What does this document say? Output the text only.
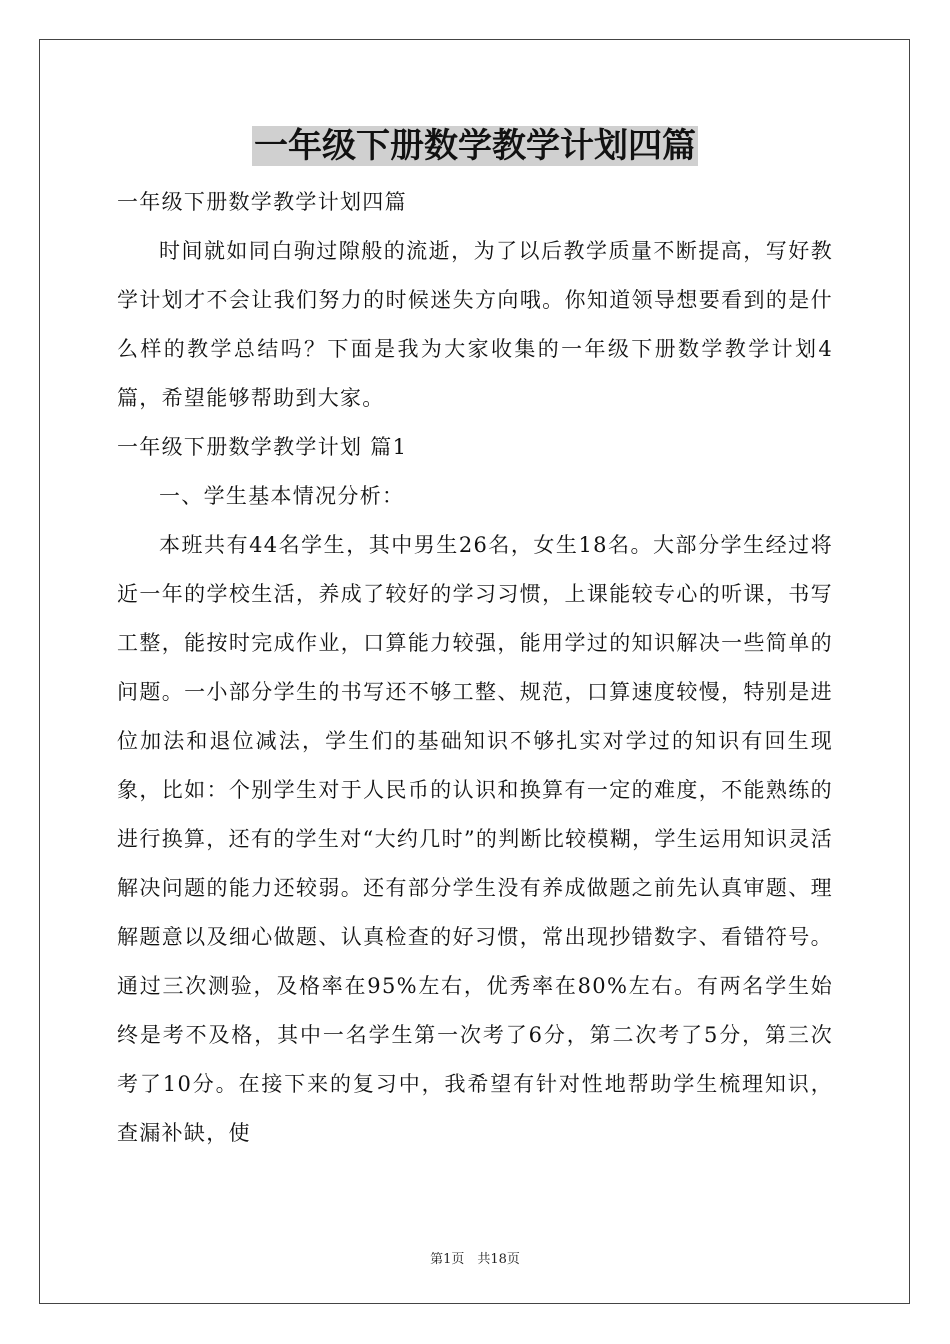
一年级下册数学教学计划四篇

一年级下册数学教学计划四篇

时间就如同白驹过隙般的流逝，为了以后教学质量不断提高，写好教学计划才不会让我们努力的时候迷失方向哦。你知道领导想要看到的是什么样的教学总结吗？下面是我为大家收集的一年级下册数学教学计划4篇，希望能够帮助到大家。

一年级下册数学教学计划 篇1

一、学生基本情况分析：

本班共有44名学生，其中男生26名，女生18名。大部分学生经过将近一年的学校生活，养成了较好的学习习惯，上课能较专心的听课，书写工整，能按时完成作业，口算能力较强，能用学过的知识解决一些简单的问题。一小部分学生的书写还不够工整、规范，口算速度较慢，特别是进位加法和退位减法，学生们的基础知识不够扎实对学过的知识有回生现象，比如：个别学生对于人民币的认识和换算有一定的难度，不能熟练的进行换算，还有的学生对“大约几时”的判断比较模糊，学生运用知识灵活解决问题的能力还较弱。还有部分学生没有养成做题之前先认真审题、理解题意以及细心做题、认真检查的好习惯，常出现抄错数字、看错符号。通过三次测验，及格率在95%左右，优秀率在80%左右。有两名学生始终是考不及格，其中一名学生第一次考了6分，第二次考了5分，第三次考了10分。在接下来的复习中，我希望有针对性地帮助学生梳理知识，查漏补缺，使

第1页　共18页
